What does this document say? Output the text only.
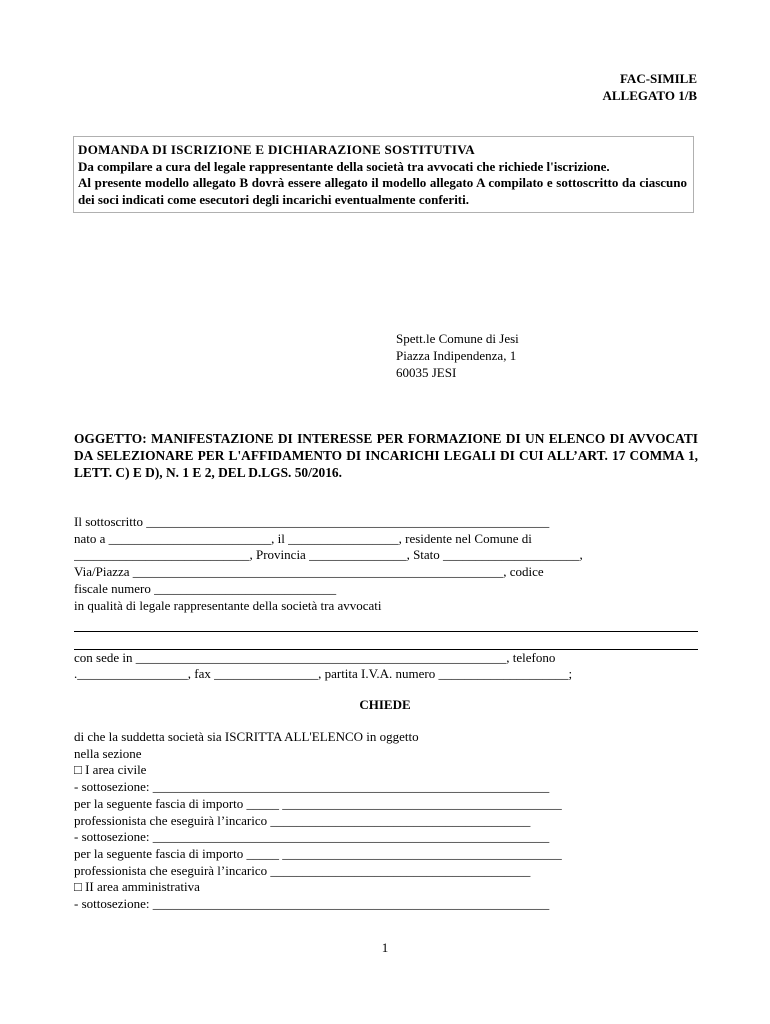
FAC-SIMILE
ALLEGATO 1/B
DOMANDA DI ISCRIZIONE E DICHIARAZIONE SOSTITUTIVA
Da compilare a cura del legale rappresentante della società tra avvocati che richiede l'iscrizione.
Al presente modello allegato B dovrà essere allegato il modello allegato A compilato e sottoscritto da ciascuno dei soci indicati come esecutori degli incarichi eventualmente conferiti.
Spett.le Comune di Jesi
Piazza Indipendenza, 1
60035 JESI
OGGETTO: MANIFESTAZIONE DI INTERESSE PER FORMAZIONE DI UN ELENCO DI AVVOCATI DA SELEZIONARE PER L'AFFIDAMENTO DI INCARICHI LEGALI DI CUI ALL’ART. 17 COMMA 1, LETT. C) E D), N. 1 E 2, DEL D.LGS. 50/2016.
Il sottoscritto ______________________________________________________________
nato a _________________________, il _________________, residente nel Comune di
___________________________, Provincia _______________, Stato _____________________,
Via/Piazza _________________________________________________________, codice
fiscale numero ____________________________
in qualità di legale rappresentante della società tra avvocati
con sede in _________________________________________________________, telefono
._________________, fax ________________, partita I.V.A. numero ____________________;
CHIEDE
di che la suddetta società sia ISCRITTA ALL'ELENCO in oggetto
nella sezione
□ I area civile
- sottosezione: _____________________________________________________________
per la seguente fascia di importo _____ ___________________________________________
professionista che eseguirà l’incarico ________________________________________
- sottosezione: _____________________________________________________________
per la seguente fascia di importo _____ ___________________________________________
professionista che eseguirà l’incarico ________________________________________
□ II area amministrativa
- sottosezione: _____________________________________________________________
1
